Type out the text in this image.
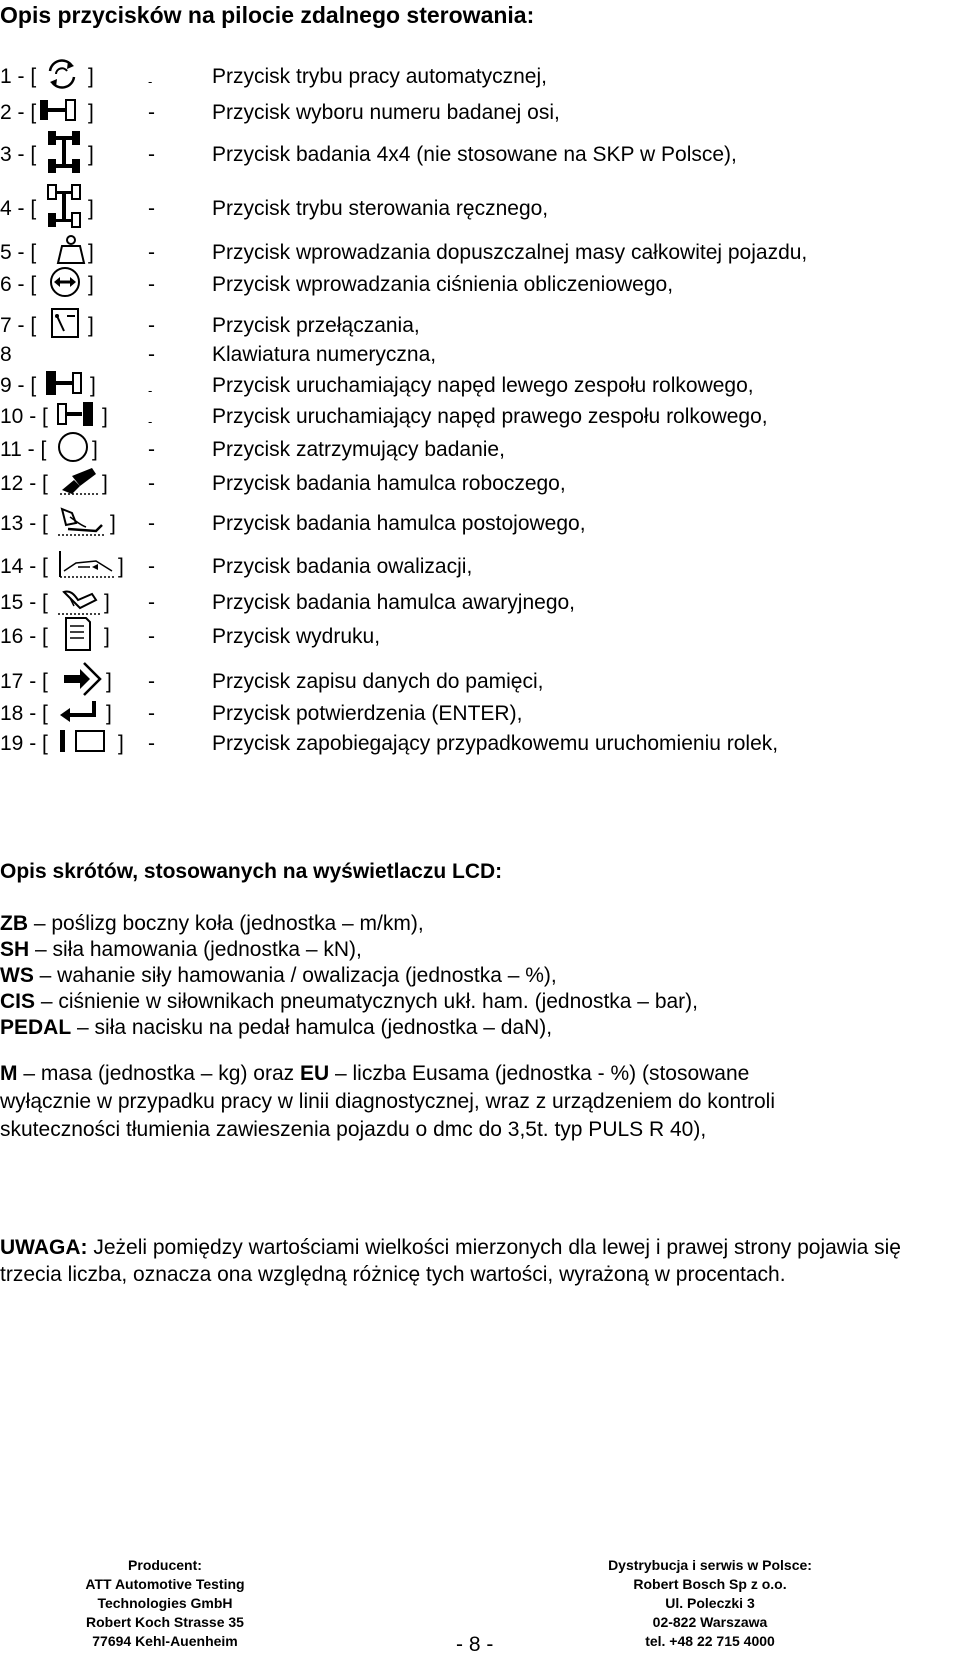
Opis przycisków na pilocie zdalnego sterowania:
1 - [ ]	-	Przycisk trybu pracy automatycznej,
2 - [ ]	-	Przycisk wyboru numeru badanej osi,
3 - [ ]	-	Przycisk badania 4x4 (nie stosowane na SKP w Polsce),
4 - [ ]	-	Przycisk trybu sterowania ręcznego,
5 - [ ]	-	Przycisk wprowadzania dopuszczalnej masy całkowitej pojazdu,
6 - [ ]	-	Przycisk wprowadzania ciśnienia obliczeniowego,
7 - [ ]	-	Przycisk przełączania,
8	-	Klawiatura numeryczna,
9 - [	]	-	Przycisk uruchamiający napęd lewego zespołu rolkowego,
10 - [	]	-	Przycisk uruchamiający napęd prawego zespołu rolkowego,
11 - [ ] -	Przycisk zatrzymujący badanie,
12 - [	] -	Przycisk badania hamulca roboczego,
13 - [	] -	Przycisk badania hamulca postojowego,
14 - [	] -	Przycisk badania owalizacji,
15 - [	] -	Przycisk badania hamulca awaryjnego,
16 - [	] -	Przycisk wydruku,
17 - [	] -	Przycisk zapisu danych do pamięci,
18 - [	] -	Przycisk potwierdzenia (ENTER),
19 - [	] -	Przycisk zapobiegający przypadkowemu uruchomieniu rolek,
Opis skrótów, stosowanych na wyświetlaczu LCD:
ZB – poślizg boczny koła (jednostka – m/km),
SH – siła hamowania (jednostka – kN),
WS – wahanie siły hamowania / owalizacja (jednostka – %),
CIS – ciśnienie w siłownikach pneumatycznych ukł. ham. (jednostka – bar),
PEDAL – siła nacisku na pedał hamulca (jednostka – daN),
M – masa (jednostka – kg) oraz EU – liczba Eusama (jednostka - %) (stosowane
wyłącznie w przypadku pracy w linii diagnostycznej, wraz z urządzeniem do kontroli
skuteczności tłumienia zawieszenia pojazdu o dmc do 3,5t. typ PULS R 40),
UWAGA: Jeżeli pomiędzy wartościami wielkości mierzonych dla lewej i prawej strony pojawia się trzecia liczba, oznacza ona względną różnicę tych wartości, wyrażoną w procentach.
Producent:
ATT Automotive Testing
Technologies GmbH
Robert Koch Strasse 35
77694 Kehl-Auenheim
Dystrybucja i serwis w Polsce:
Robert Bosch Sp z o.o.
Ul. Poleczki 3
02-822 Warszawa
tel. +48 22 715 4000
- 8 -
